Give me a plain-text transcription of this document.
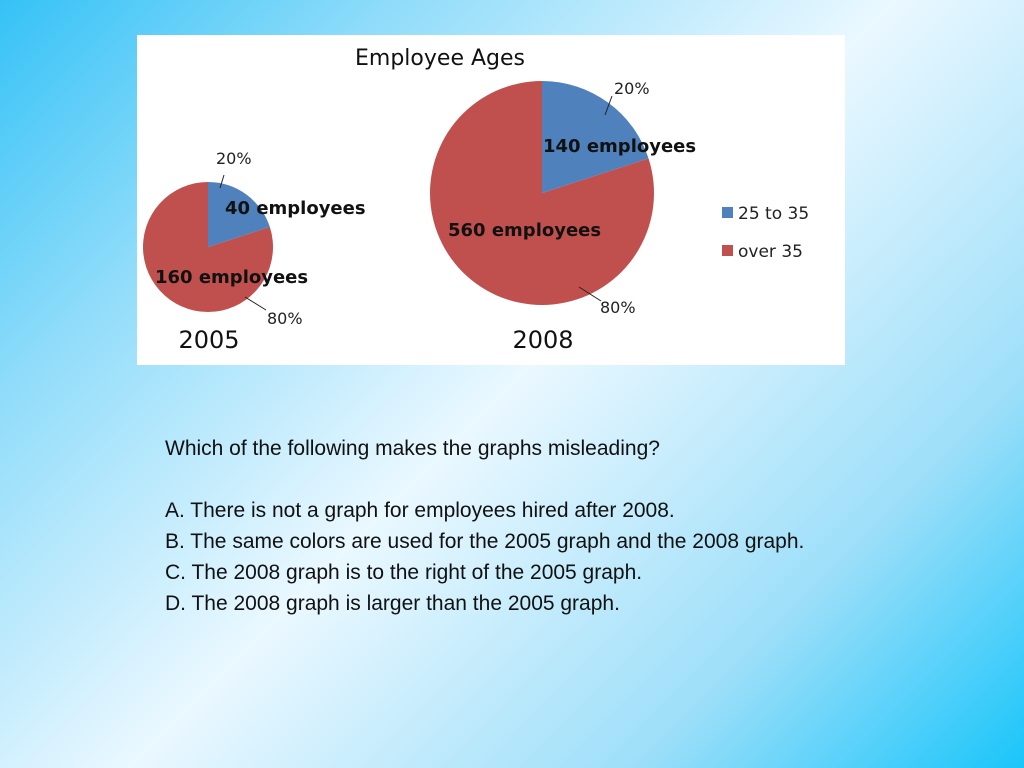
Employee Ages
20%
40 employees
160 employees
80%
2005
20%
140 employees
560 employees
80%
2008
25 to 35
over 35

Which of the following makes the graphs misleading?

A. There is not a graph for employees hired after 2008.

B. The same colors are used for the 2005 graph and the 2008 graph.

C. The 2008 graph is to the right of the 2005 graph.

D. The 2008 graph is larger than the 2005 graph.
